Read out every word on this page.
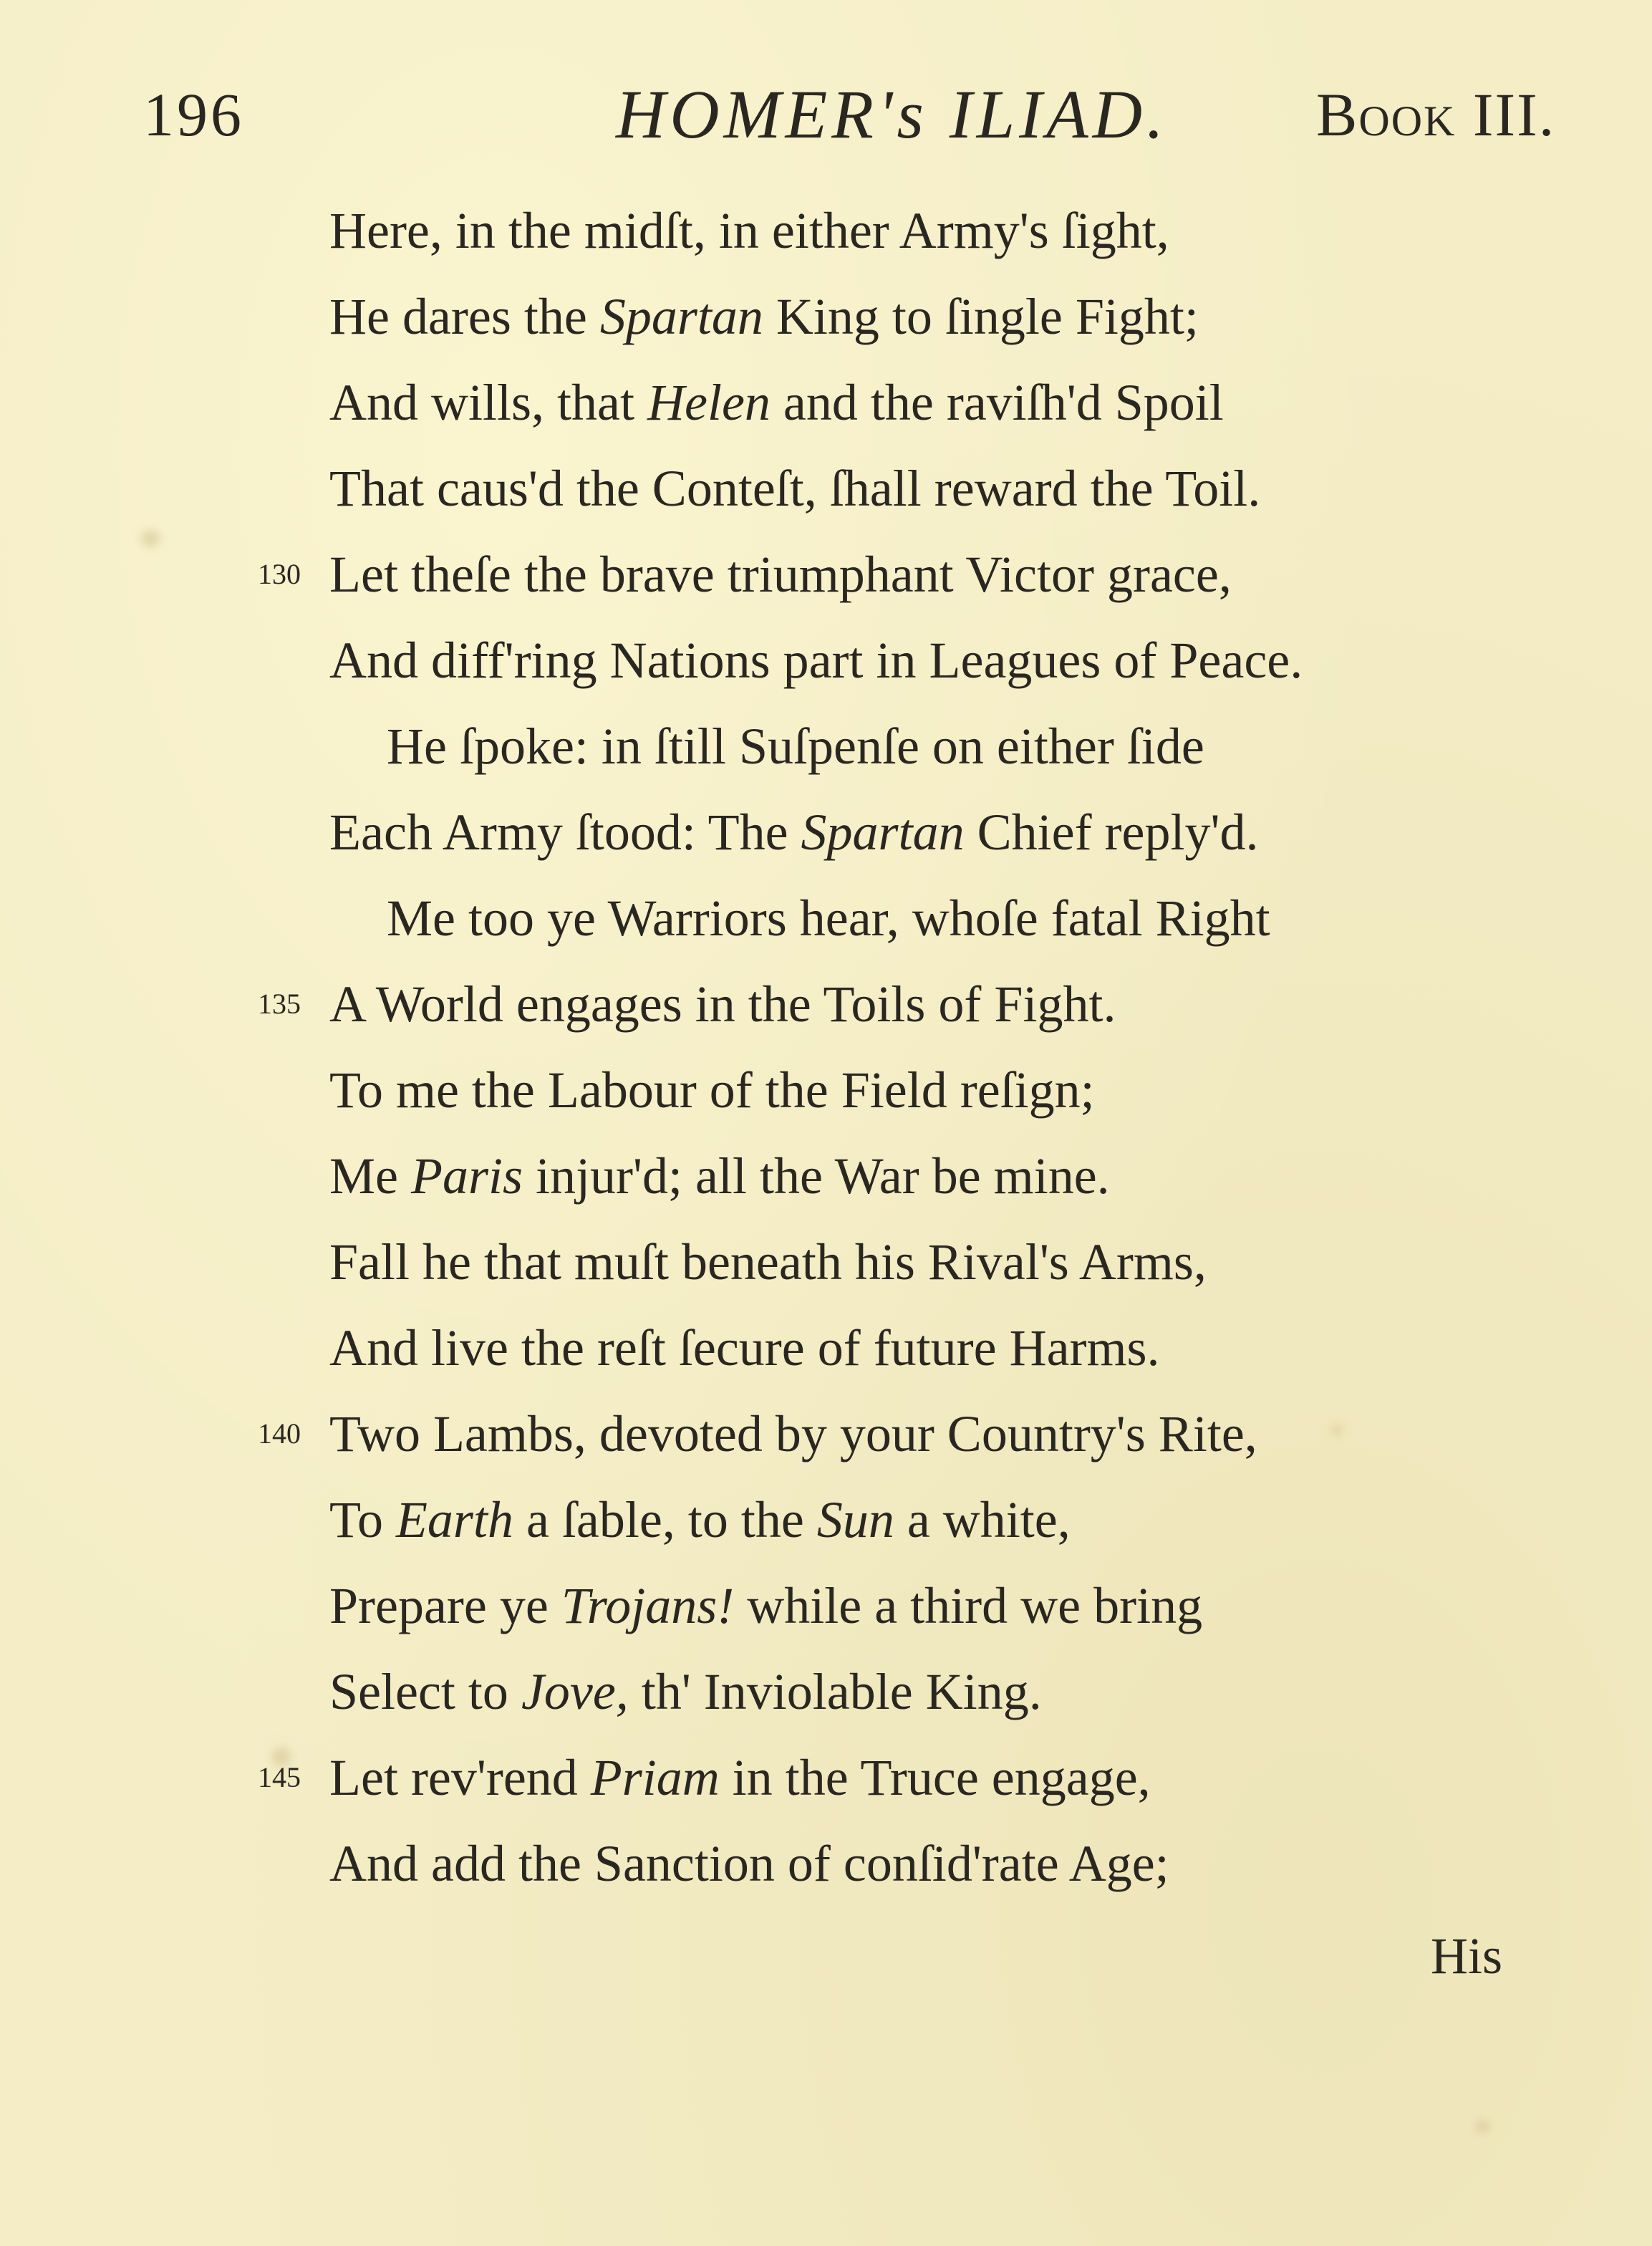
196	HOMER's ILIAD. Book III.
Here, in the midſt, in either Army's ſight,
He dares the Spartan King to ſingle Fight;
And wills, that Helen and the raviſh'd Spoil
That caus'd the Conteſt, ſhall reward the Toil.
130 Let theſe the brave triumphant Victor grace,
And diff'ring Nations part in Leagues of Peace.
He ſpoke: in ſtill Suſpenſe on either ſide
Each Army ſtood: The Spartan Chief reply'd.
Me too ye Warriors hear, whoſe fatal Right
135 A World engages in the Toils of Fight.
To me the Labour of the Field reſign;
Me Paris injur'd; all the War be mine.
Fall he that muſt beneath his Rival's Arms,
And live the reſt ſecure of future Harms.
140 Two Lambs, devoted by your Country's Rite,
To Earth a ſable, to the Sun a white,
Prepare ye Trojans! while a third we bring
Select to Jove, th' Inviolable King.
145 Let rev'rend Priam in the Truce engage,
And add the Sanction of conſid'rate Age;
His
